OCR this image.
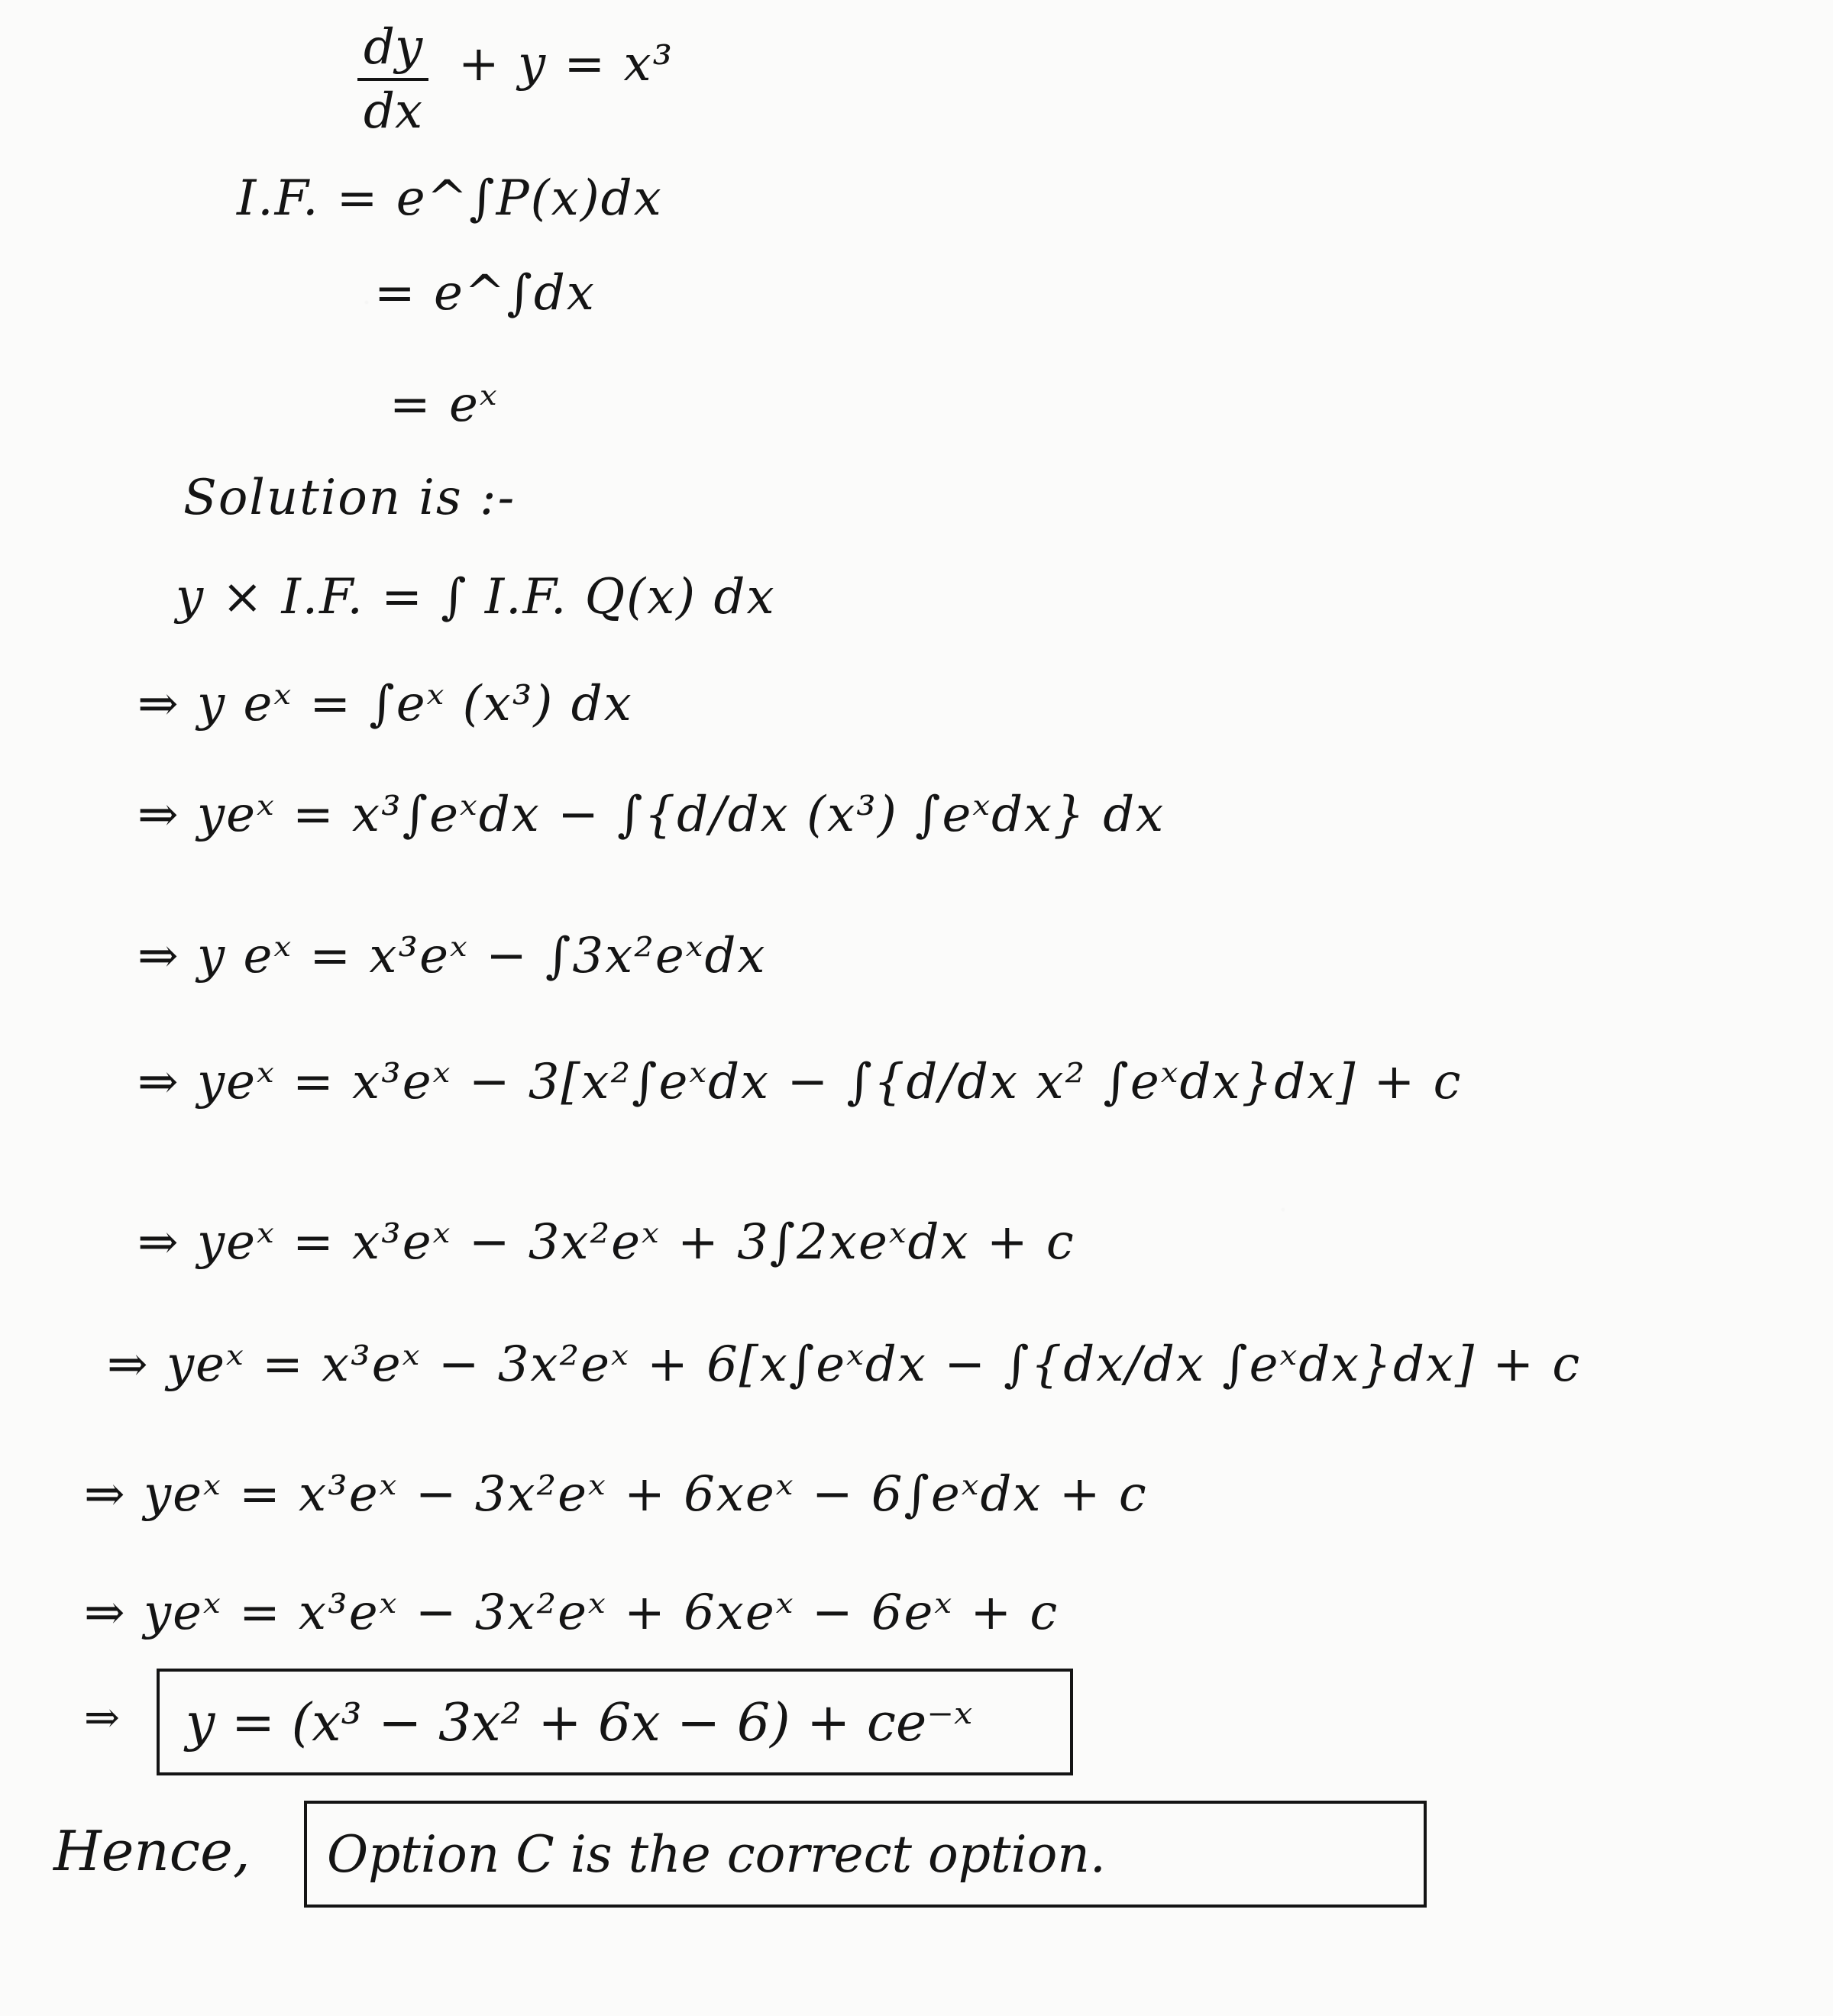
$\frac{dy}{dx} + y = x^3$
I.F. = e^∫P(x)dx
= e^∫dx
= eˣ
Solution is :-
y × I.F. = ∫ I.F. Q(x) dx
⇒ y eˣ = ∫eˣ (x³) dx
⇒ yeˣ = x³∫eˣdx − ∫{d/dx (x³) ∫eˣdx} dx
⇒ y eˣ = x³eˣ − ∫3x²eˣdx
⇒ yeˣ = x³eˣ − 3[x²∫eˣdx − ∫{d/dx x² ∫eˣdx}dx] + c
⇒ yeˣ = x³eˣ − 3x²eˣ + 3∫2xeˣdx + c
⇒ yeˣ = x³eˣ − 3x²eˣ + 6[x∫eˣdx − ∫{dx/dx ∫eˣdx}dx] + c
⇒ yeˣ = x³eˣ − 3x²eˣ + 6xeˣ − 6∫eˣdx + c
⇒ yeˣ = x³eˣ − 3x²eˣ + 6xeˣ − 6eˣ + c
⇒	y = (x³ − 3x² + 6x − 6) + ce⁻ˣ
Hence,	Option C is the correct option.
